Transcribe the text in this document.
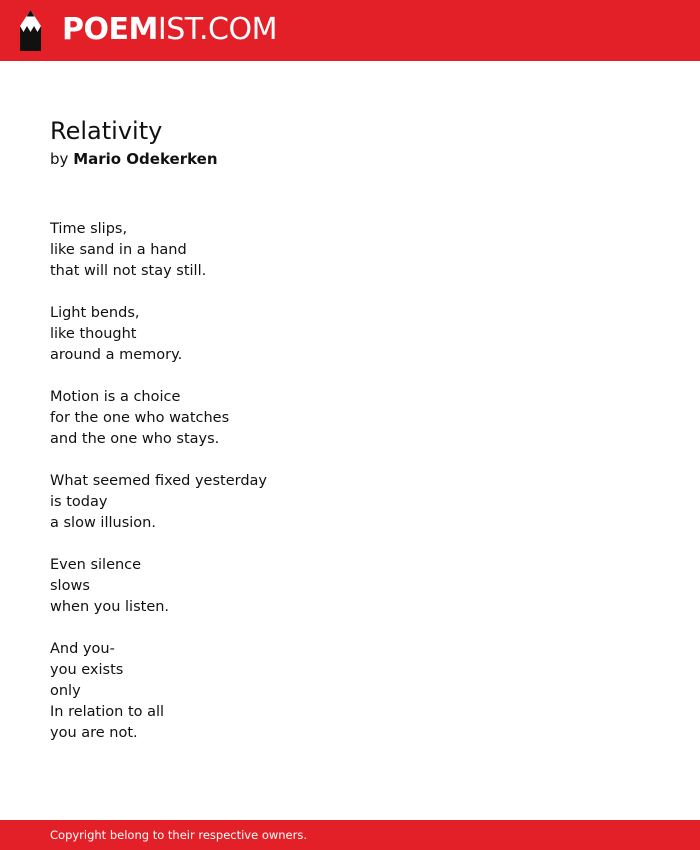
POEMIST.COM
Relativity
by Mario Odekerken
Time slips,
like sand in a hand
that will not stay still.
Light bends,
like thought
around a memory.
Motion is a choice
for the one who watches
and the one who stays.
What seemed fixed yesterday
is today
a slow illusion.
Even silence
slows
when you listen.
And you-
you exists
only
In relation to all
you are not.
Copyright belong to their respective owners.
